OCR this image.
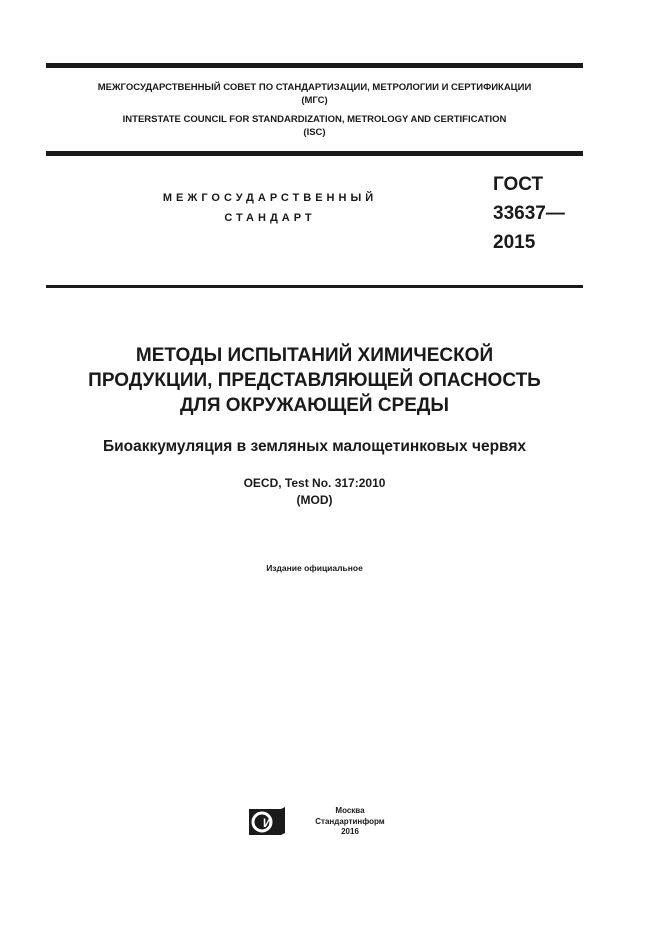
МЕЖГОСУДАРСТВЕННЫЙ СОВЕТ ПО СТАНДАРТИЗАЦИИ, МЕТРОЛОГИИ И СЕРТИФИКАЦИИ
(МГС)
INTERSTATE COUNCIL FOR STANDARDIZATION, METROLOGY AND CERTIFICATION
(ISC)
МЕЖГОСУДАРСТВЕННЫЙ
СТАНДАРТ
ГОСТ
33637—
2015
МЕТОДЫ ИСПЫТАНИЙ ХИМИЧЕСКОЙ
ПРОДУКЦИИ, ПРЕДСТАВЛЯЮЩЕЙ ОПАСНОСТЬ
ДЛЯ ОКРУЖАЮЩЕЙ СРЕДЫ
Биоаккумуляция в земляных малощетинковых червях
OECD, Test No. 317:2010
(MOD)
Издание официальное
И
Москва
Стандартинформ
2016
